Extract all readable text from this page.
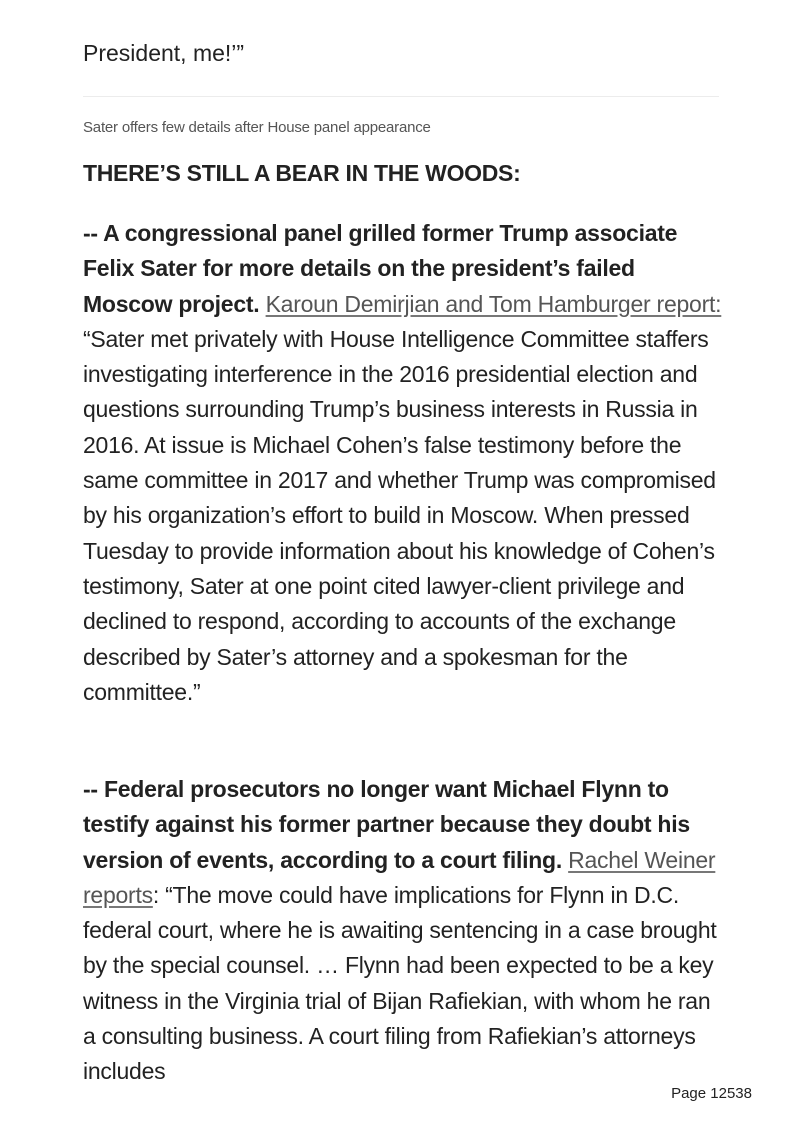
President, me!’”
Sater offers few details after House panel appearance
THERE’S STILL A BEAR IN THE WOODS:

-- A congressional panel grilled former Trump associate Felix Sater for more details on the president’s failed Moscow project. Karoun Demirjian and Tom Hamburger report: “Sater met privately with House Intelligence Committee staffers investigating interference in the 2016 presidential election and questions surrounding Trump’s business interests in Russia in 2016. At issue is Michael Cohen’s false testimony before the same committee in 2017 and whether Trump was compromised by his organization’s effort to build in Moscow. When pressed Tuesday to provide information about his knowledge of Cohen’s testimony, Sater at one point cited lawyer-client privilege and declined to respond, according to accounts of the exchange described by Sater’s attorney and a spokesman for the committee.”

-- Federal prosecutors no longer want Michael Flynn to testify against his former partner because they doubt his version of events, according to a court filing. Rachel Weiner reports: “The move could have implications for Flynn in D.C. federal court, where he is awaiting sentencing in a case brought by the special counsel. … Flynn had been expected to be a key witness in the Virginia trial of Bijan Rafiekian, with whom he ran a consulting business. A court filing from Rafiekian’s attorneys includes

Page 12538
